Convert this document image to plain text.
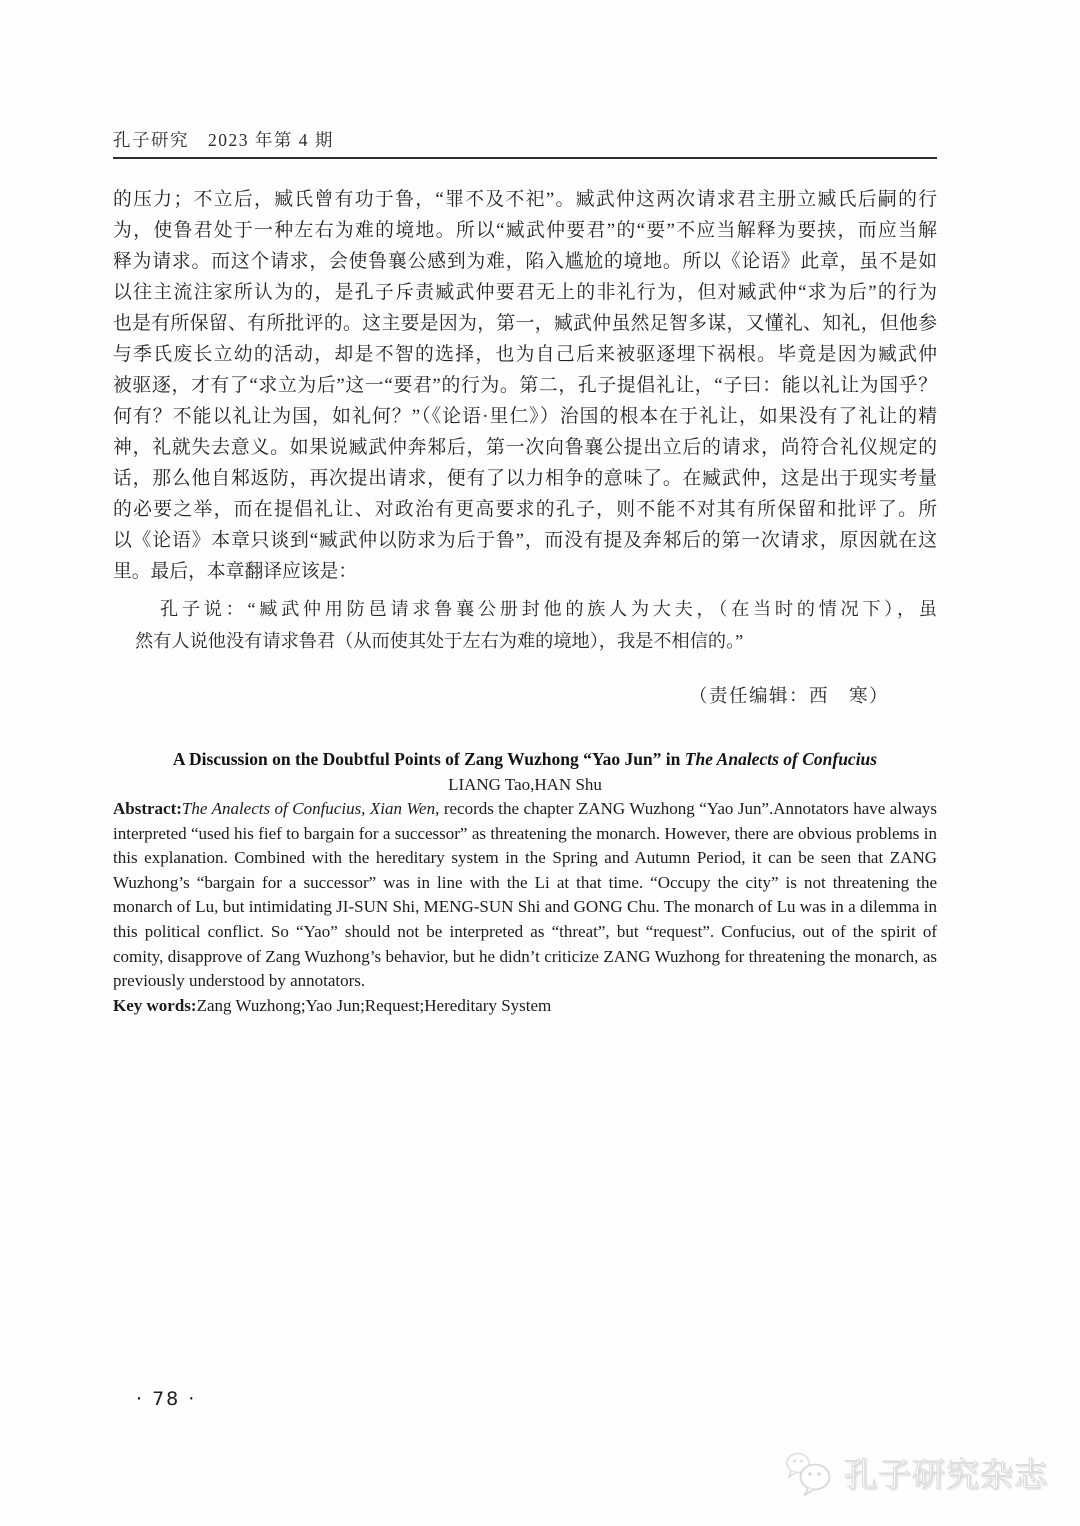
孔子研究　2023 年第 4 期
的压力；不立后，臧氏曾有功于鲁，“罪不及不祀”。臧武仲这两次请求君主册立臧氏后嗣的行
为，使鲁君处于一种左右为难的境地。所以“臧武仲要君”的“要”不应当解释为要挟，而应当解
释为请求。而这个请求，会使鲁襄公感到为难，陷入尴尬的境地。所以《论语》此章，虽不是如
以往主流注家所认为的，是孔子斥责臧武仲要君无上的非礼行为，但对臧武仲“求为后”的行为
也是有所保留、有所批评的。这主要是因为，第一，臧武仲虽然足智多谋，又懂礼、知礼，但他参
与季氏废长立幼的活动，却是不智的选择，也为自己后来被驱逐埋下祸根。毕竟是因为臧武仲
被驱逐，才有了“求立为后”这一“要君”的行为。第二，孔子提倡礼让，“子曰：能以礼让为国乎？
何有？不能以礼让为国，如礼何？”（《论语·里仁》）治国的根本在于礼让，如果没有了礼让的精
神，礼就失去意义。如果说臧武仲奔邾后，第一次向鲁襄公提出立后的请求，尚符合礼仪规定的
话，那么他自邾返防，再次提出请求，便有了以力相争的意味了。在臧武仲，这是出于现实考量
的必要之举，而在提倡礼让、对政治有更高要求的孔子，则不能不对其有所保留和批评了。所
以《论语》本章只谈到“臧武仲以防求为后于鲁”，而没有提及奔邾后的第一次请求，原因就在这
里。最后，本章翻译应该是：
孔子说：“臧武仲用防邑请求鲁襄公册封他的族人为大夫，（在当时的情况下），虽
然有人说他没有请求鲁君（从而使其处于左右为难的境地），我是不相信的。”
（责任编辑：西　寒）
A Discussion on the Doubtful Points of Zang Wuzhong “Yao Jun” in The Analects of Confucius
LIANG Tao,HAN Shu

Abstract:The Analects of Confucius, Xian Wen, records the chapter ZANG Wuzhong “Yao Jun”.Annotators have always interpreted “used his fief to bargain for a successor” as threatening the monarch. However, there are obvious problems in this explanation. Combined with the hereditary system in the Spring and Autumn Period, it can be seen that ZANG Wuzhong’s “bargain for a successor” was in line with the Li at that time. “Occupy the city” is not threatening the monarch of Lu, but intimidating JI-SUN Shi, MENG-SUN Shi and GONG Chu. The monarch of Lu was in a dilemma in this political conflict. So “Yao” should not be interpreted as “threat”, but “request”. Confucius, out of the spirit of comity, disapprove of Zang Wuzhong’s behavior, but he didn’t criticize ZANG Wuzhong for threatening the monarch, as previously understood by annotators.

Key words:Zang Wuzhong;Yao Jun;Request;Hereditary System

· 78 ·
孔子研究杂志
